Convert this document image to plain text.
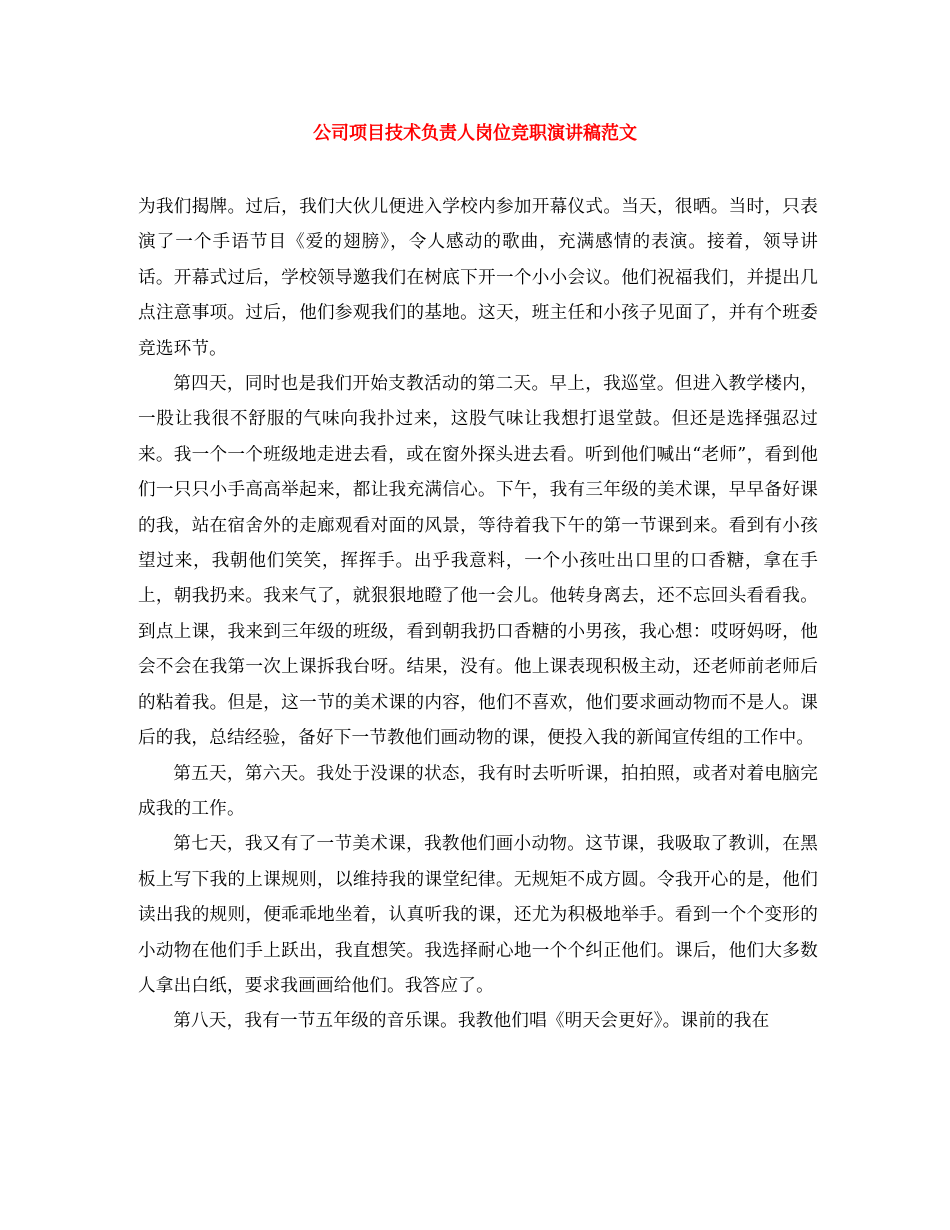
公司项目技术负责人岗位竞职演讲稿范文

为我们揭牌。过后，我们大伙儿便进入学校内参加开幕仪式。当天，很晒。当时，只表演了一个手语节目《爱的翅膀》，令人感动的歌曲，充满感情的表演。接着，领导讲话。开幕式过后，学校领导邀我们在树底下开一个小小会议。他们祝福我们，并提出几点注意事项。过后，他们参观我们的基地。这天，班主任和小孩子见面了，并有个班委竞选环节。

第四天，同时也是我们开始支教活动的第二天。早上，我巡堂。但进入教学楼内，一股让我很不舒服的气味向我扑过来，这股气味让我想打退堂鼓。但还是选择强忍过来。我一个一个班级地走进去看，或在窗外探头进去看。听到他们喊出“老师”，看到他们一只只小手高高举起来，都让我充满信心。下午，我有三年级的美术课，早早备好课的我，站在宿舍外的走廊观看对面的风景，等待着我下午的第一节课到来。看到有小孩望过来，我朝他们笑笑，挥挥手。出乎我意料，一个小孩吐出口里的口香糖，拿在手上，朝我扔来。我来气了，就狠狠地瞪了他一会儿。他转身离去，还不忘回头看看我。到点上课，我来到三年级的班级，看到朝我扔口香糖的小男孩，我心想：哎呀妈呀，他会不会在我第一次上课拆我台呀。结果，没有。他上课表现积极主动，还老师前老师后的粘着我。但是，这一节的美术课的内容，他们不喜欢，他们要求画动物而不是人。课后的我，总结经验，备好下一节教他们画动物的课，便投入我的新闻宣传组的工作中。

第五天，第六天。我处于没课的状态，我有时去听听课，拍拍照，或者对着电脑完成我的工作。

第七天，我又有了一节美术课，我教他们画小动物。这节课，我吸取了教训，在黑板上写下我的上课规则，以维持我的课堂纪律。无规矩不成方圆。令我开心的是，他们读出我的规则，便乖乖地坐着，认真听我的课，还尤为积极地举手。看到一个个变形的小动物在他们手上跃出，我直想笑。我选择耐心地一个个纠正他们。课后，他们大多数人拿出白纸，要求我画画给他们。我答应了。

第八天，我有一节五年级的音乐课。我教他们唱《明天会更好》。课前的我在
